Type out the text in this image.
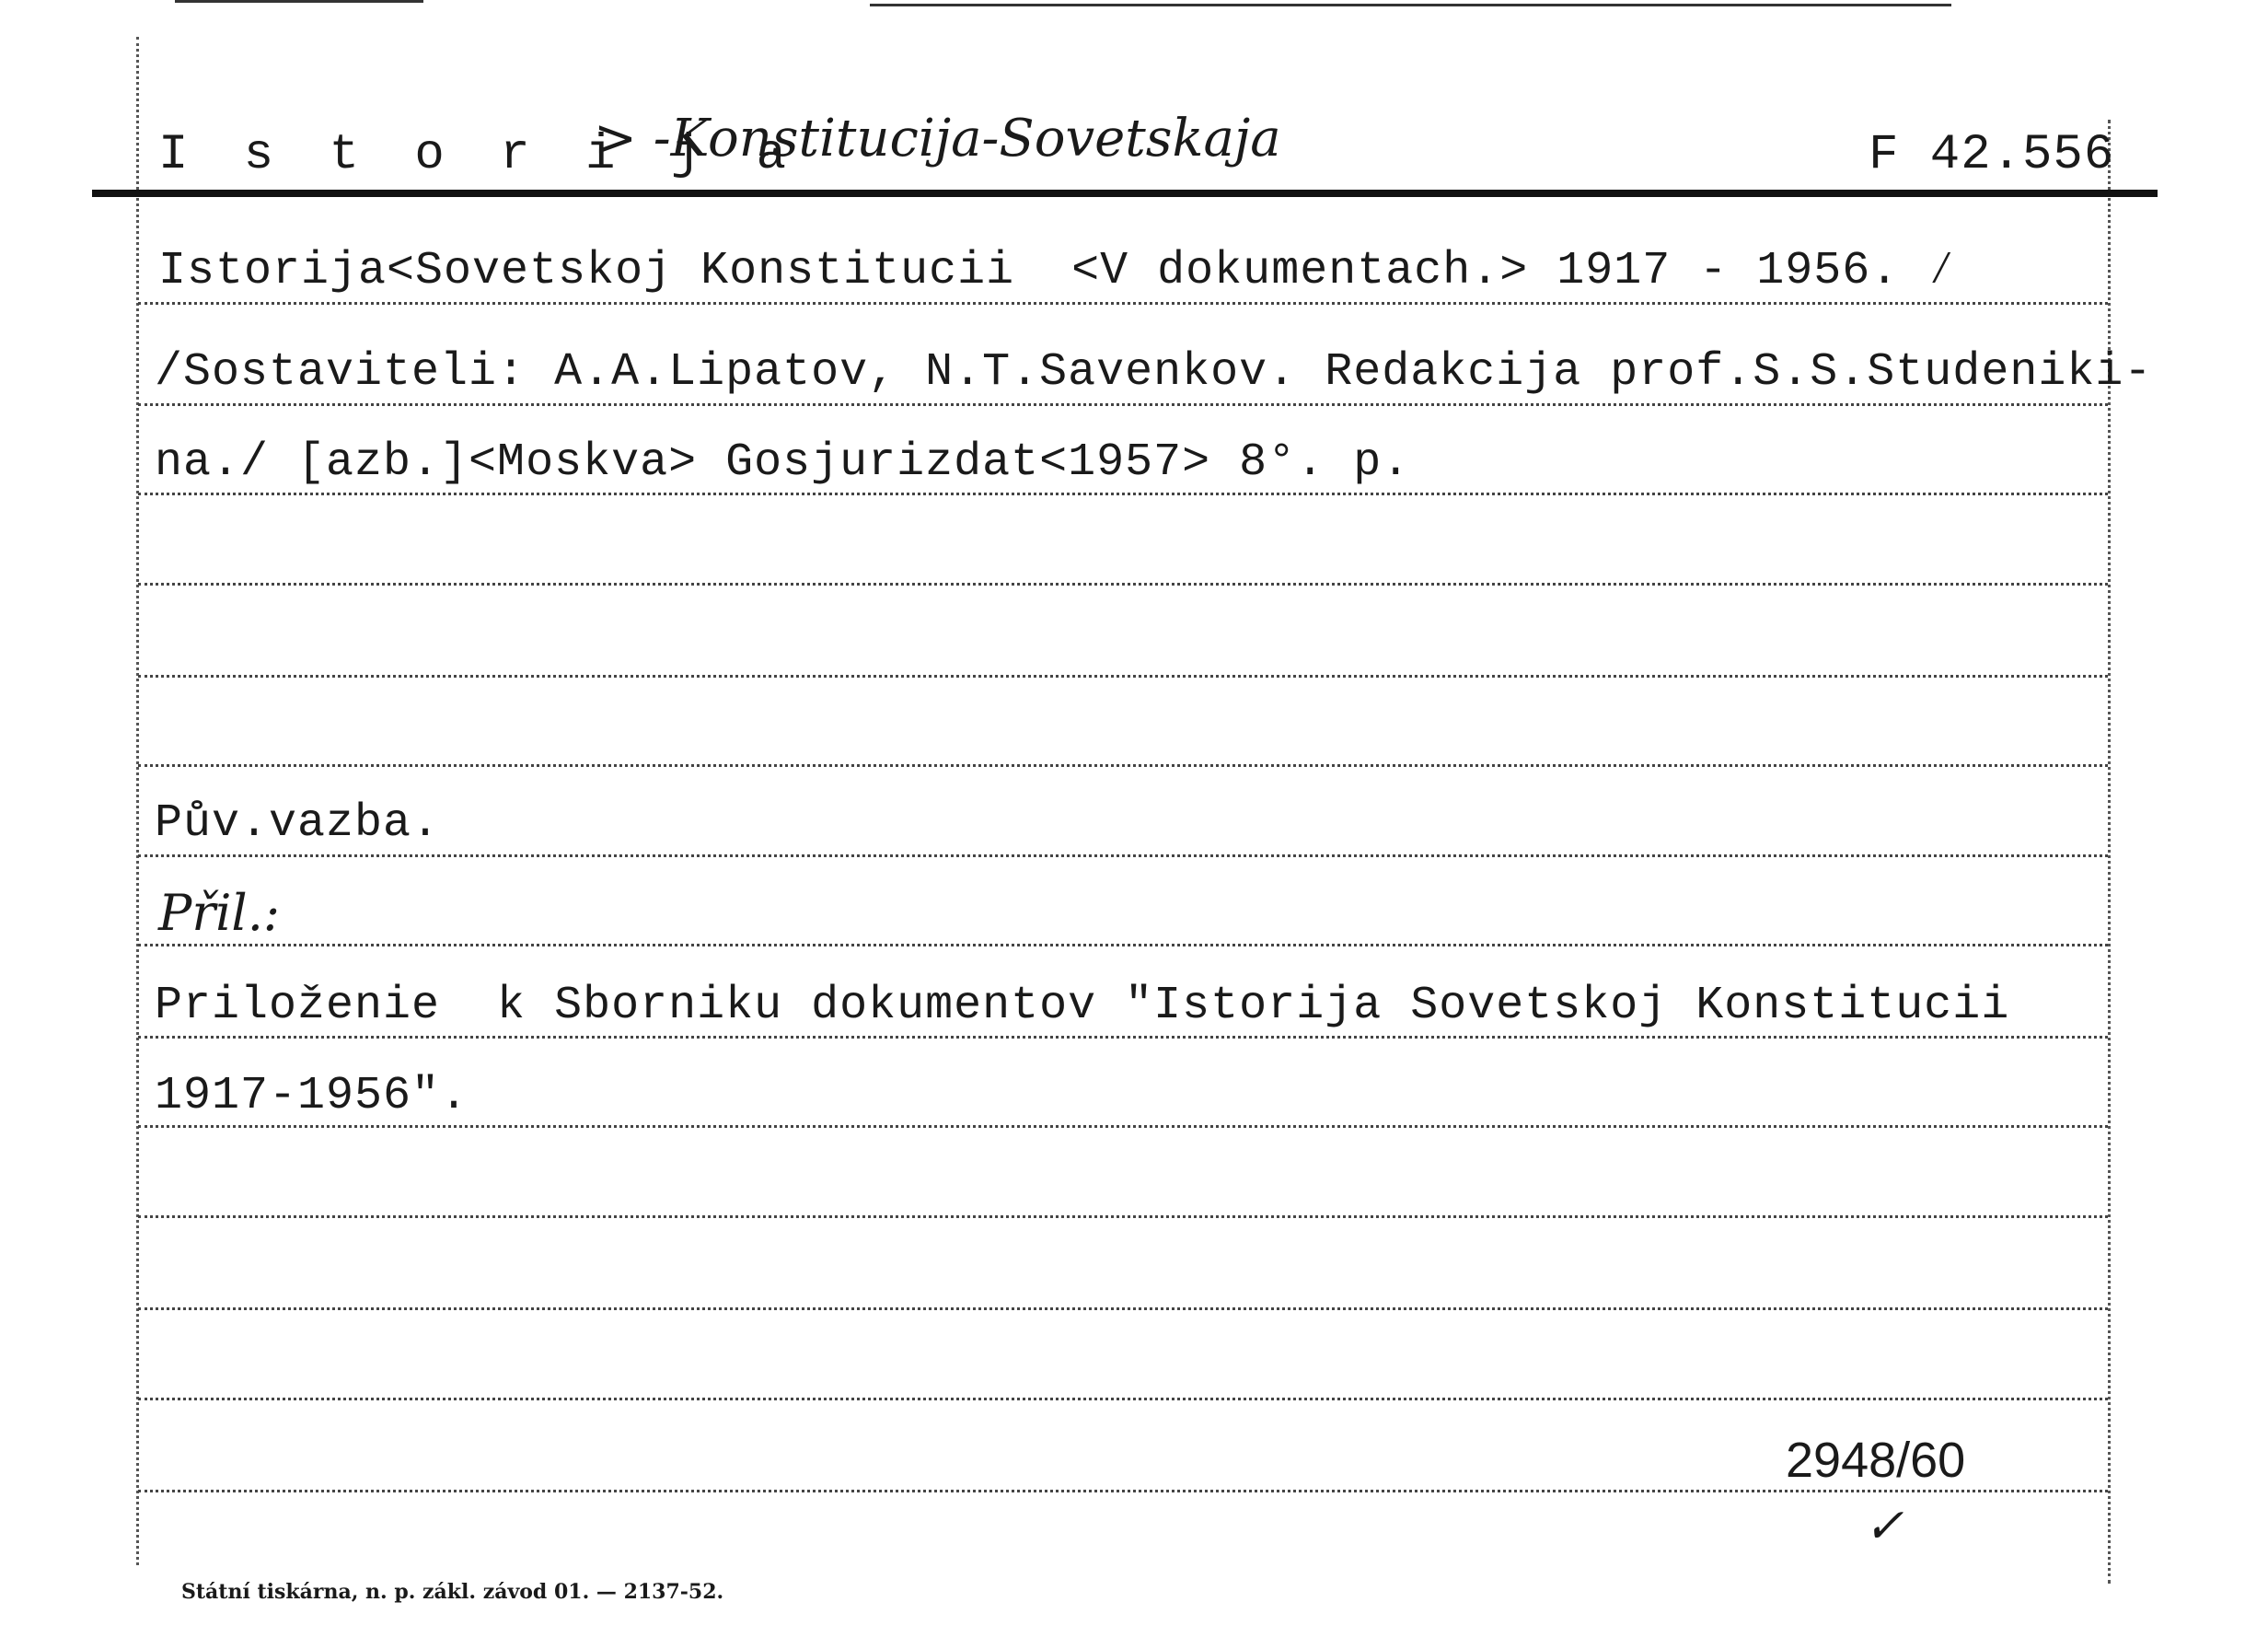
I s t o r i j a
> -Konstitucija-Sovetskaja	F 42.556
Istorija<Sovetskoj Konstitucii  <V dokumentach.> 1917 - 1956. ⁄
/Sostaviteli: A.A.Lipatov, N.T.Savenkov. Redakcija prof.S.S.Studeniki-
na./ [azb.]<Moskva> Gosjurizdat<1957> 8°. p.
Pův.vazba.
Přil.:
Priloženie  k Sborniku dokumentov "Istorija Sovetskoj Konstitucii
1917-1956".
2948/60
✓
Státní tiskárna, n. p. zákl. závod 01. — 2137-52.
